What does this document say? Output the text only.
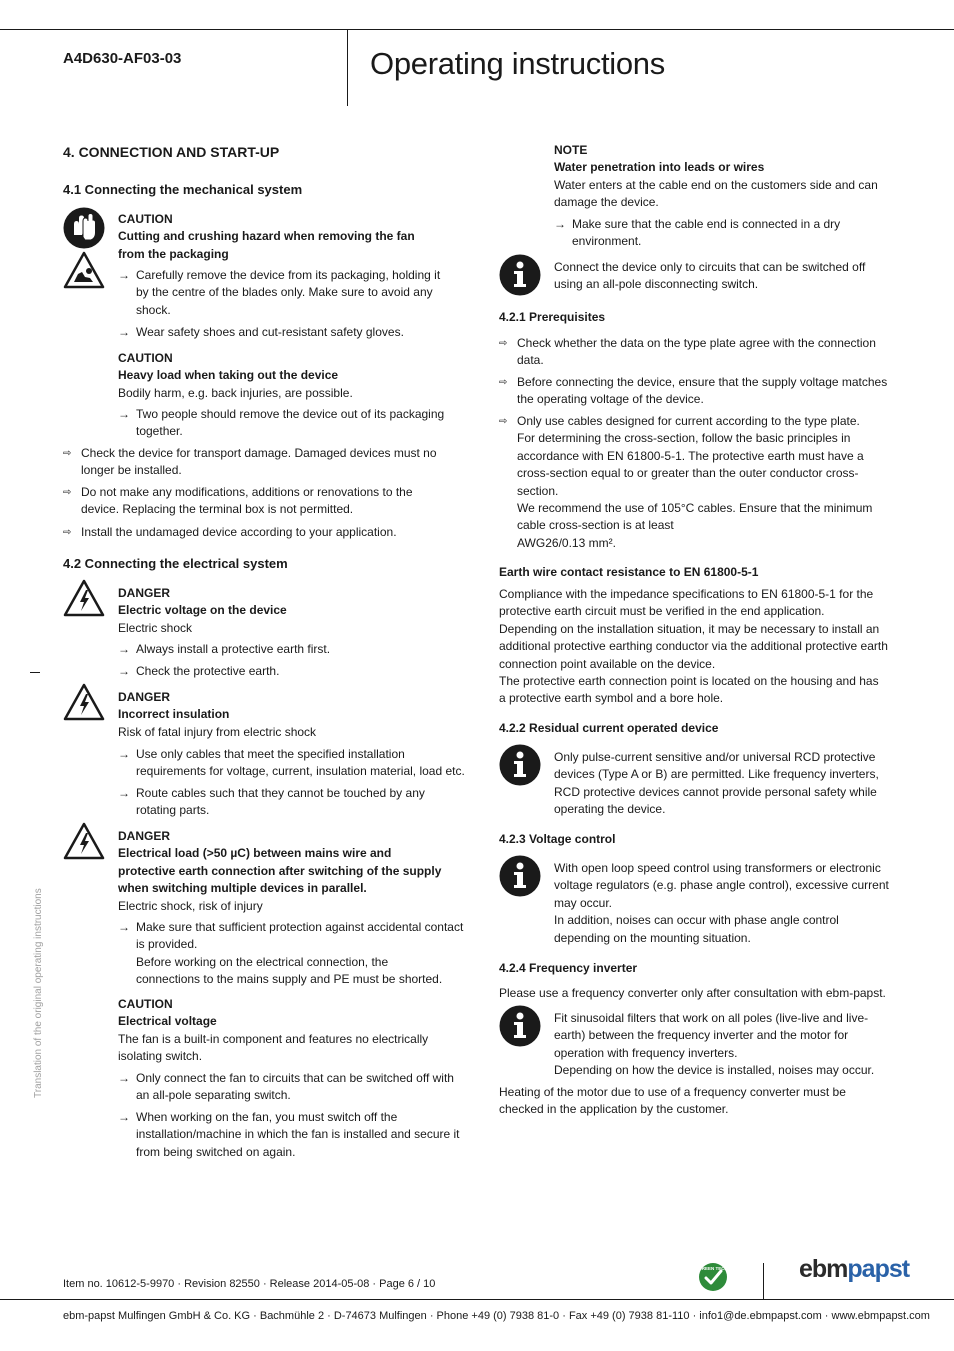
A4D630-AF03-03	Operating instructions
Translation of the original operating instructions
4. CONNECTION AND START-UP
4.1 Connecting the mechanical system
CAUTION
Cutting and crushing hazard when removing the fan
from the packaging
→ Carefully remove the device from its packaging, holding it
by the centre of the blades only. Make sure to avoid any
shock.
→ Wear safety shoes and cut-resistant safety gloves.
CAUTION
Heavy load when taking out the device
Bodily harm, e.g. back injuries, are possible.
→ Two people should remove the device out of its packaging
together.
⇨ Check the device for transport damage. Damaged devices must no
longer be installed.
⇨ Do not make any modifications, additions or renovations to the
device. Replacing the terminal box is not permitted.
⇨ Install the undamaged device according to your application.
4.2 Connecting the electrical system
DANGER
Electric voltage on the device
Electric shock
→ Always install a protective earth first.
→ Check the protective earth.
DANGER
Incorrect insulation
Risk of fatal injury from electric shock
→ Use only cables that meet the specified installation
requirements for voltage, current, insulation material, load etc.
→ Route cables such that they cannot be touched by any
rotating parts.
DANGER
Electrical load (>50 µC) between mains wire and
protective earth connection after switching of the supply
when switching multiple devices in parallel.
Electric shock, risk of injury
→ Make sure that sufficient protection against accidental contact
is provided.
Before working on the electrical connection, the
connections to the mains supply and PE must be shorted.
CAUTION
Electrical voltage
The fan is a built-in component and features no electrically
isolating switch.
→ Only connect the fan to circuits that can be switched off with
an all-pole separating switch.
→ When working on the fan, you must switch off the
installation/machine in which the fan is installed and secure it
from being switched on again.
NOTE
Water penetration into leads or wires
Water enters at the cable end on the customers side and can
damage the device.
→ Make sure that the cable end is connected in a dry
environment.
Connect the device only to circuits that can be switched off
using an all-pole disconnecting switch.
4.2.1 Prerequisites
⇨ Check whether the data on the type plate agree with the connection
data.
⇨ Before connecting the device, ensure that the supply voltage matches
the operating voltage of the device.
⇨ Only use cables designed for current according to the type plate.
For determining the cross-section, follow the basic principles in
accordance with EN 61800-5-1. The protective earth must have a
cross-section equal to or greater than the outer conductor cross-
section.
We recommend the use of 105°C cables. Ensure that the minimum
cable cross-section is at least
AWG26/0.13 mm².
Earth wire contact resistance to EN 61800-5-1
Compliance with the impedance specifications to EN 61800-5-1 for the
protective earth circuit must be verified in the end application.
Depending on the installation situation, it may be necessary to install an
additional protective earthing conductor via the additional protective earth
connection point available on the device.
The protective earth connection point is located on the housing and has
a protective earth symbol and a bore hole.
4.2.2 Residual current operated device
Only pulse-current sensitive and/or universal RCD protective
devices (Type A or B) are permitted. Like frequency inverters,
RCD protective devices cannot provide personal safety while
operating the device.
4.2.3 Voltage control
With open loop speed control using transformers or electronic
voltage regulators (e.g. phase angle control), excessive current
may occur.
In addition, noises can occur with phase angle control
depending on the mounting situation.
4.2.4 Frequency inverter
Please use a frequency converter only after consultation with ebm-papst.
Fit sinusoidal filters that work on all poles (live-live and live-
earth) between the frequency inverter and the motor for
operation with frequency inverters.
Depending on how the device is installed, noises may occur.
Heating of the motor due to use of a frequency converter must be
checked in the application by the customer.
Item no. 10612-5-9970 · Revision 82550 · Release 2014-05-08 · Page 6 / 10
GREEN TECH	ebmpapst
ebm-papst Mulfingen GmbH & Co. KG · Bachmühle 2 · D-74673 Mulfingen · Phone +49 (0) 7938 81-0 · Fax +49 (0) 7938 81-110 · info1@de.ebmpapst.com · www.ebmpapst.com
